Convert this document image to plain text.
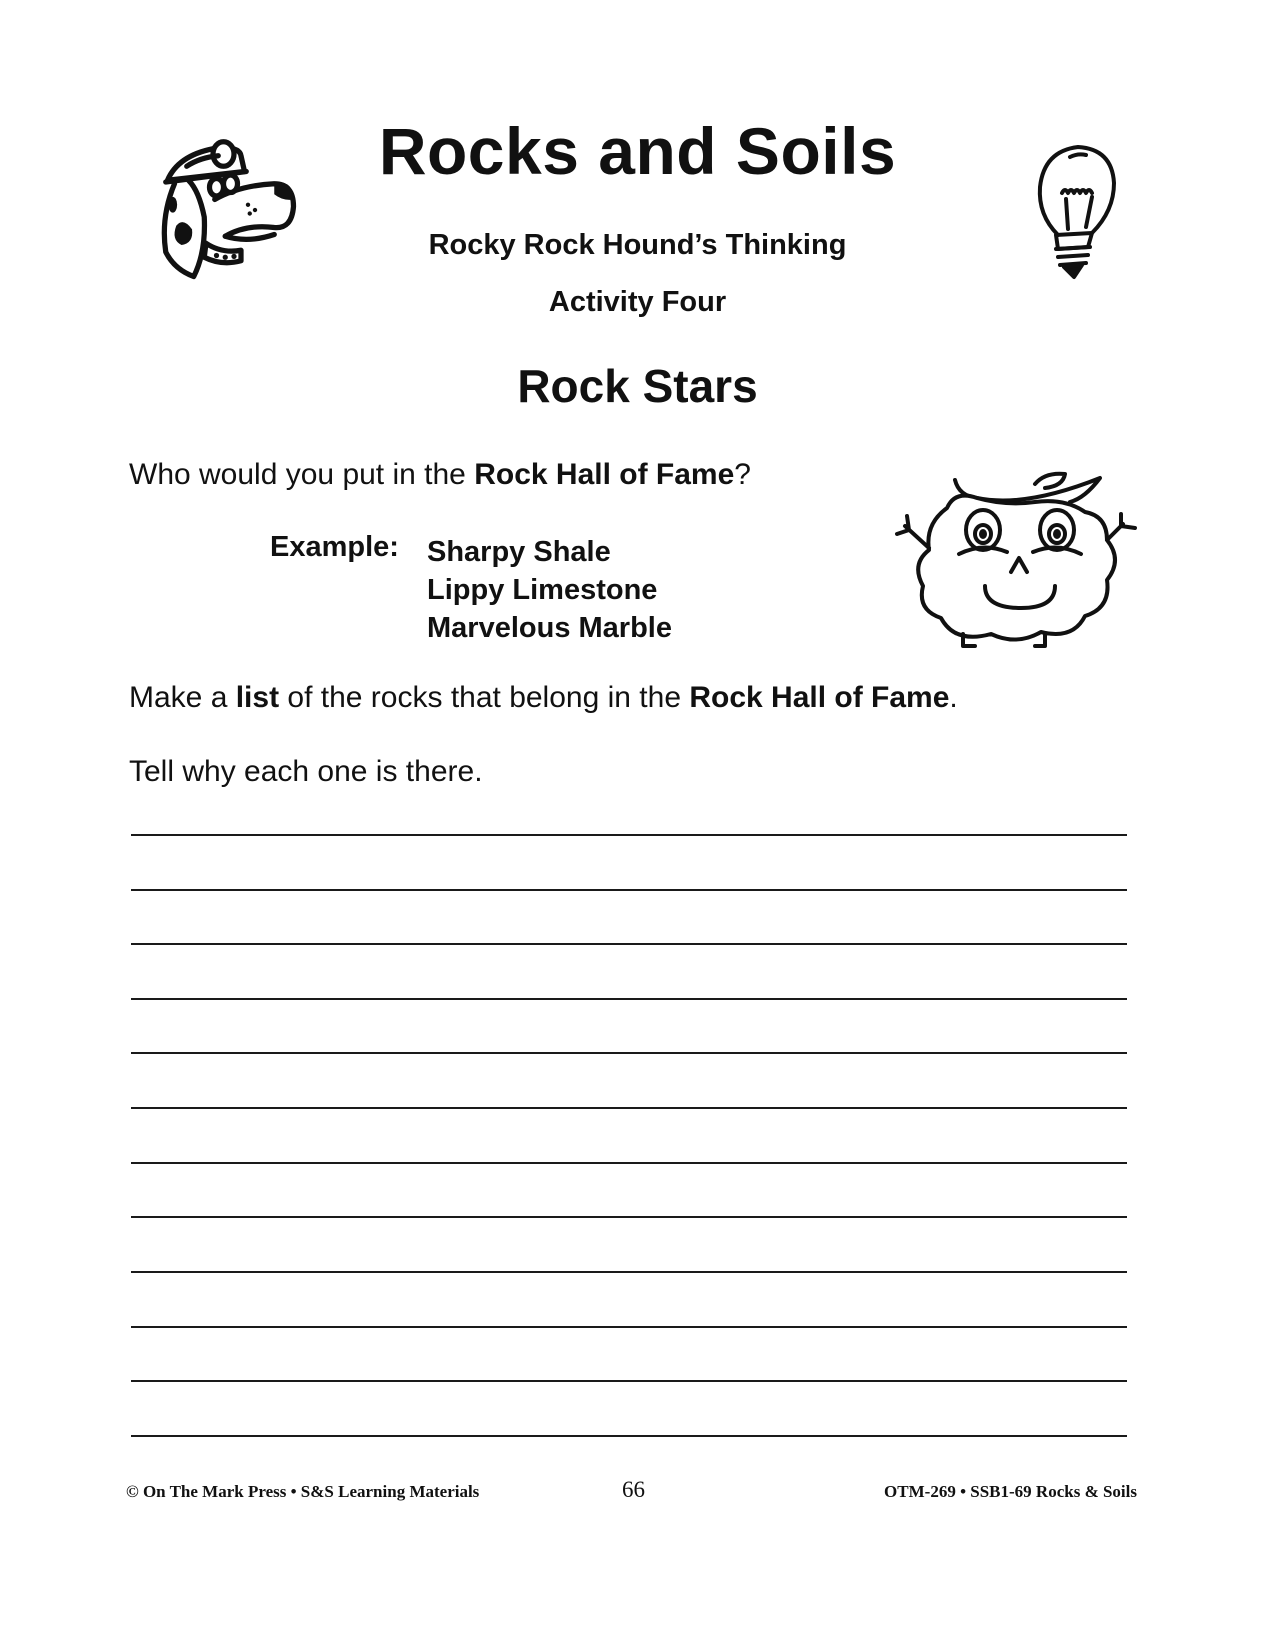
Rocks and Soils
Rocky Rock Hound’s Thinking
Activity Four
Rock Stars
Who would you put in the Rock Hall of Fame?
Example: Sharpy Shale
Lippy Limestone
Marvelous Marble
Make a list of the rocks that belong in the Rock Hall of Fame.
Tell why each one is there.
© On The Mark Press • S&S Learning Materials	66	OTM-269 • SSB1-69 Rocks & Soils
